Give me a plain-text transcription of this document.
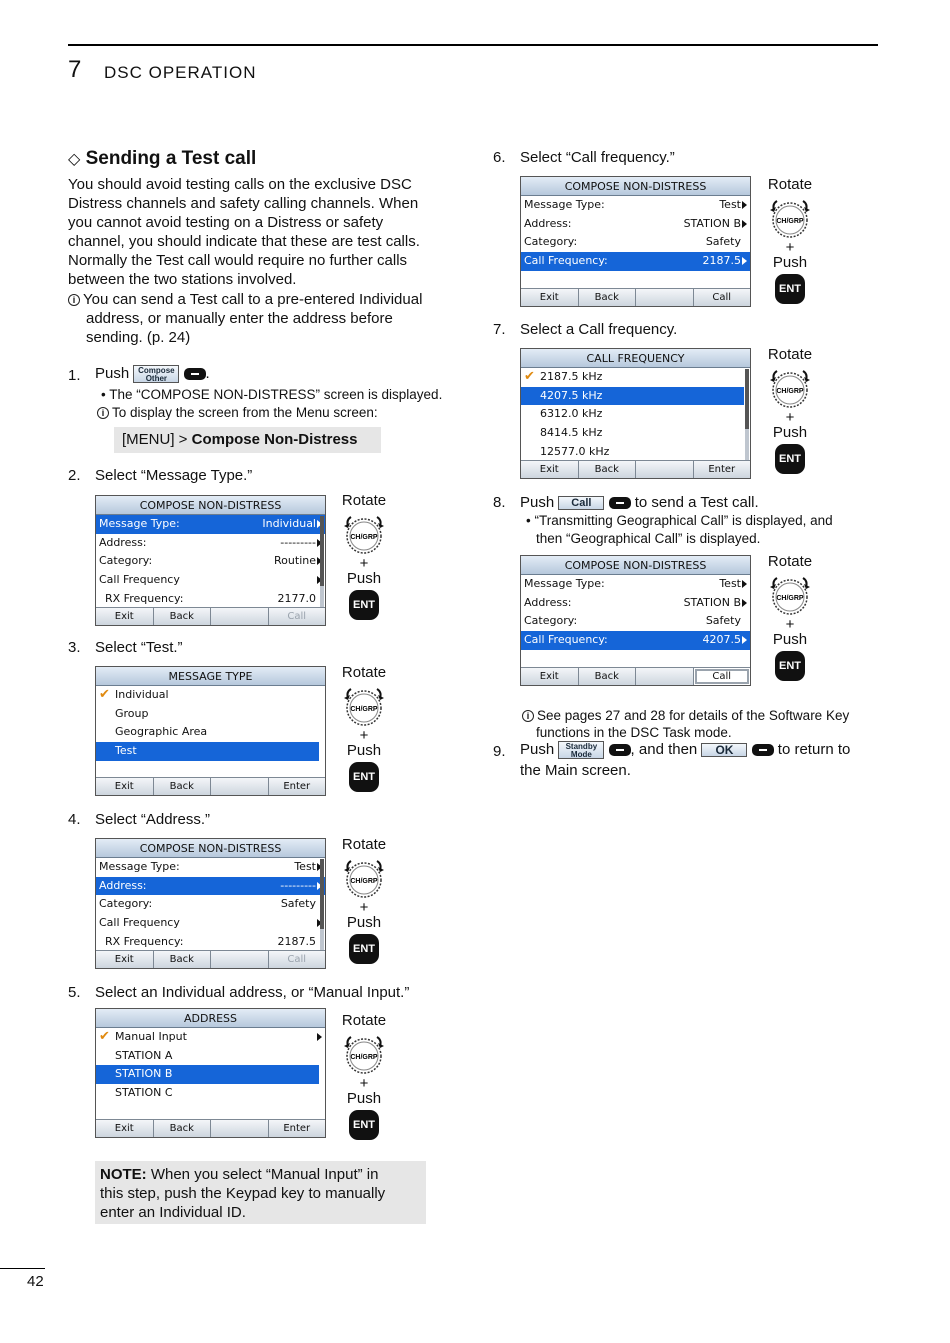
7 DSC OPERATION
◇ Sending a Test call
You should avoid testing calls on the exclusive DSC
Distress channels and safety calling channels. When
you cannot avoid testing on a Distress or safety
channel, you should indicate that these are test calls.
Normally the Test call would require no further calls
between the two stations involved.
i You can send a Test call to a pre-entered Individual
address, or manually enter the address before
sending. (p. 24)
1. Push Compose
Other	.
• The “COMPOSE NON-DISTRESS” screen is displayed.
i To display the screen from the Menu screen:
[MENU] > Compose Non-Distress
2. Select “Message Type.”
COMPOSE NON-DISTRESS
Message Type:	Individual
Address:	---------
Category:	Routine
Call Frequency
RX Frequency:	2177.0
Exit	Back	Call
Rotate
CH/GRP
+
Push
ENT
3. Select “Test.”
MESSAGE TYPE
✔ Individual
Group
Geographic Area
Test
Exit	Back	Enter
Rotate
CH/GRP
+
Push
ENT
4. Select “Address.”
COMPOSE NON-DISTRESS
Message Type:	Test
Address:	---------
Category:	Safety
Call Frequency
RX Frequency:	2187.5
Exit	Back	Call
Rotate
CH/GRP
+
Push
ENT
5. Select an Individual address, or “Manual Input.”
ADDRESS
✔ Manual Input
STATION A
STATION B
STATION C
Exit	Back	Enter
Rotate
CH/GRP
+
Push
ENT
NOTE: When you select “Manual Input” in
this step, push the Keypad key to manually
enter an Individual ID.
6. Select “Call frequency.”
COMPOSE NON-DISTRESS
Message Type:	Test
Address:	STATION B
Category:	Safety
Call Frequency:	2187.5
Exit	Back	Call
Rotate
CH/GRP
+
Push
ENT
7. Select a Call frequency.
CALL FREQUENCY
✔ 2187.5 kHz
4207.5 kHz
6312.0 kHz
8414.5 kHz
12577.0 kHz
Exit	Back	Enter
Rotate
CH/GRP
+
Push
ENT
8. Push Call	to send a Test call.
• “Transmitting Geographical Call” is displayed, and
then “Geographical Call” is displayed.
COMPOSE NON-DISTRESS
Message Type:	Test
Address:	STATION B
Category:	Safety
Call Frequency:	4207.5
Exit	Back	Call
Rotate
CH/GRP
+
Push
ENT
i See pages 27 and 28 for details of the Software Key
functions in the DSC Task mode.
9. Push Standby
Mode	, and then OK	to return to
the Main screen.
42
